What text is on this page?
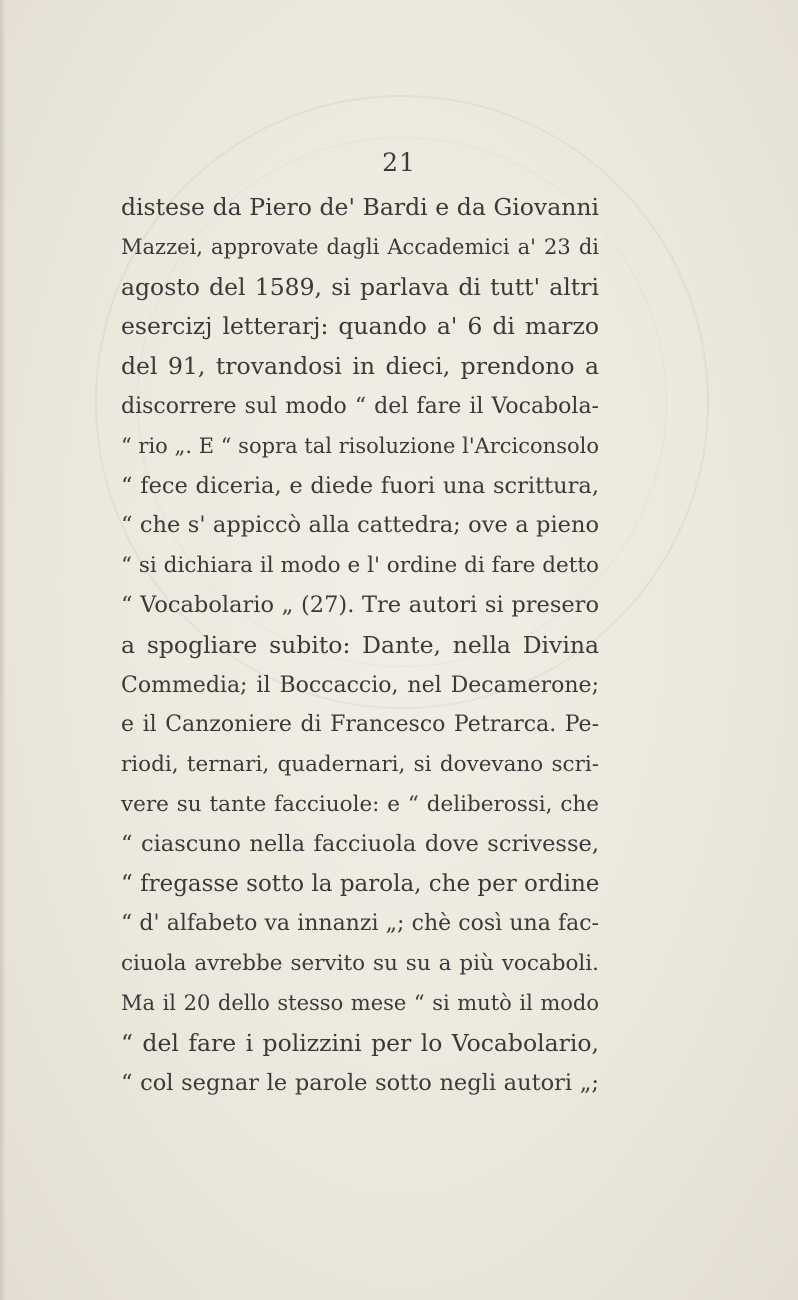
21
distese da Piero de' Bardi e da Giovanni
Mazzei, approvate dagli Accademici a' 23 di
agosto del 1589, si parlava di tutt' altri
esercizj letterarj: quando a' 6 di marzo
del 91, trovandosi in dieci, prendono a
discorrere sul modo “ del fare il Vocabola-
“ rio „. E “ sopra tal risoluzione l'Arciconsolo
“ fece diceria, e diede fuori una scrittura,
“ che s' appiccò alla cattedra; ove a pieno
“ si dichiara il modo e l' ordine di fare detto
“ Vocabolario „ (27). Tre autori si presero
a spogliare subito: Dante, nella Divina
Commedia; il Boccaccio, nel Decamerone;
e il Canzoniere di Francesco Petrarca. Pe-
riodi, ternari, quadernari, si dovevano scri-
vere su tante facciuole: e “ deliberossi, che
“ ciascuno nella facciuola dove scrivesse,
“ fregasse sotto la parola, che per ordine
“ d' alfabeto va innanzi „; chè così una fac-
ciuola avrebbe servito su su a più vocaboli.
Ma il 20 dello stesso mese “ si mutò il modo
“ del fare i polizzini per lo Vocabolario,
“ col segnar le parole sotto negli autori „;
